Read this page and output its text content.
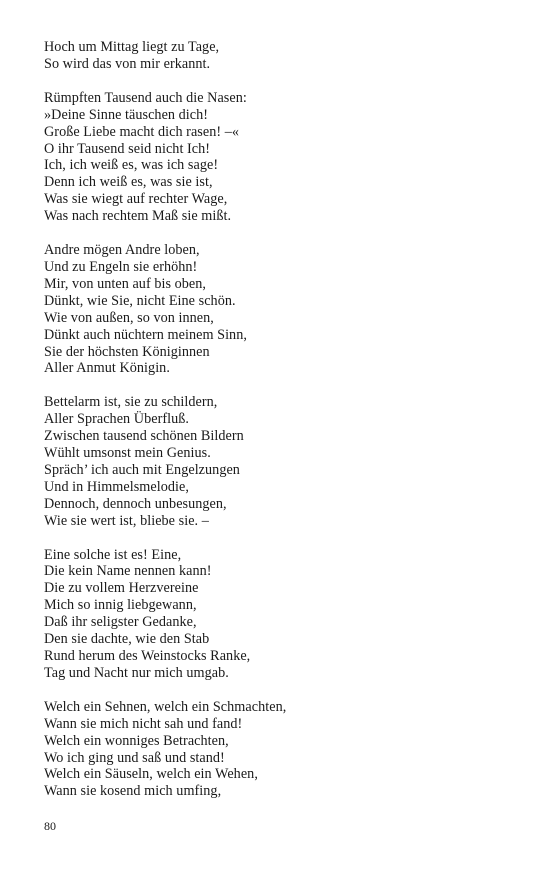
Hoch um Mittag liegt zu Tage,
So wird das von mir erkannt.
Rümpften Tausend auch die Nasen:
»Deine Sinne täuschen dich!
Große Liebe macht dich rasen! –«
O ihr Tausend seid nicht Ich!
Ich, ich weiß es, was ich sage!
Denn ich weiß es, was sie ist,
Was sie wiegt auf rechter Wage,
Was nach rechtem Maß sie mißt.
Andre mögen Andre loben,
Und zu Engeln sie erhöhn!
Mir, von unten auf bis oben,
Dünkt, wie Sie, nicht Eine schön.
Wie von außen, so von innen,
Dünkt auch nüchtern meinem Sinn,
Sie der höchsten Königinnen
Aller Anmut Königin.
Bettelarm ist, sie zu schildern,
Aller Sprachen Überfluß.
Zwischen tausend schönen Bildern
Wühlt umsonst mein Genius.
Spräch’ ich auch mit Engelzungen
Und in Himmelsmelodie,
Dennoch, dennoch unbesungen,
Wie sie wert ist, bliebe sie. –
Eine solche ist es! Eine,
Die kein Name nennen kann!
Die zu vollem Herzvereine
Mich so innig liebgewann,
Daß ihr seligster Gedanke,
Den sie dachte, wie den Stab
Rund herum des Weinstocks Ranke,
Tag und Nacht nur mich umgab.
Welch ein Sehnen, welch ein Schmachten,
Wann sie mich nicht sah und fand!
Welch ein wonniges Betrachten,
Wo ich ging und saß und stand!
Welch ein Säuseln, welch ein Wehen,
Wann sie kosend mich umfing,
80
